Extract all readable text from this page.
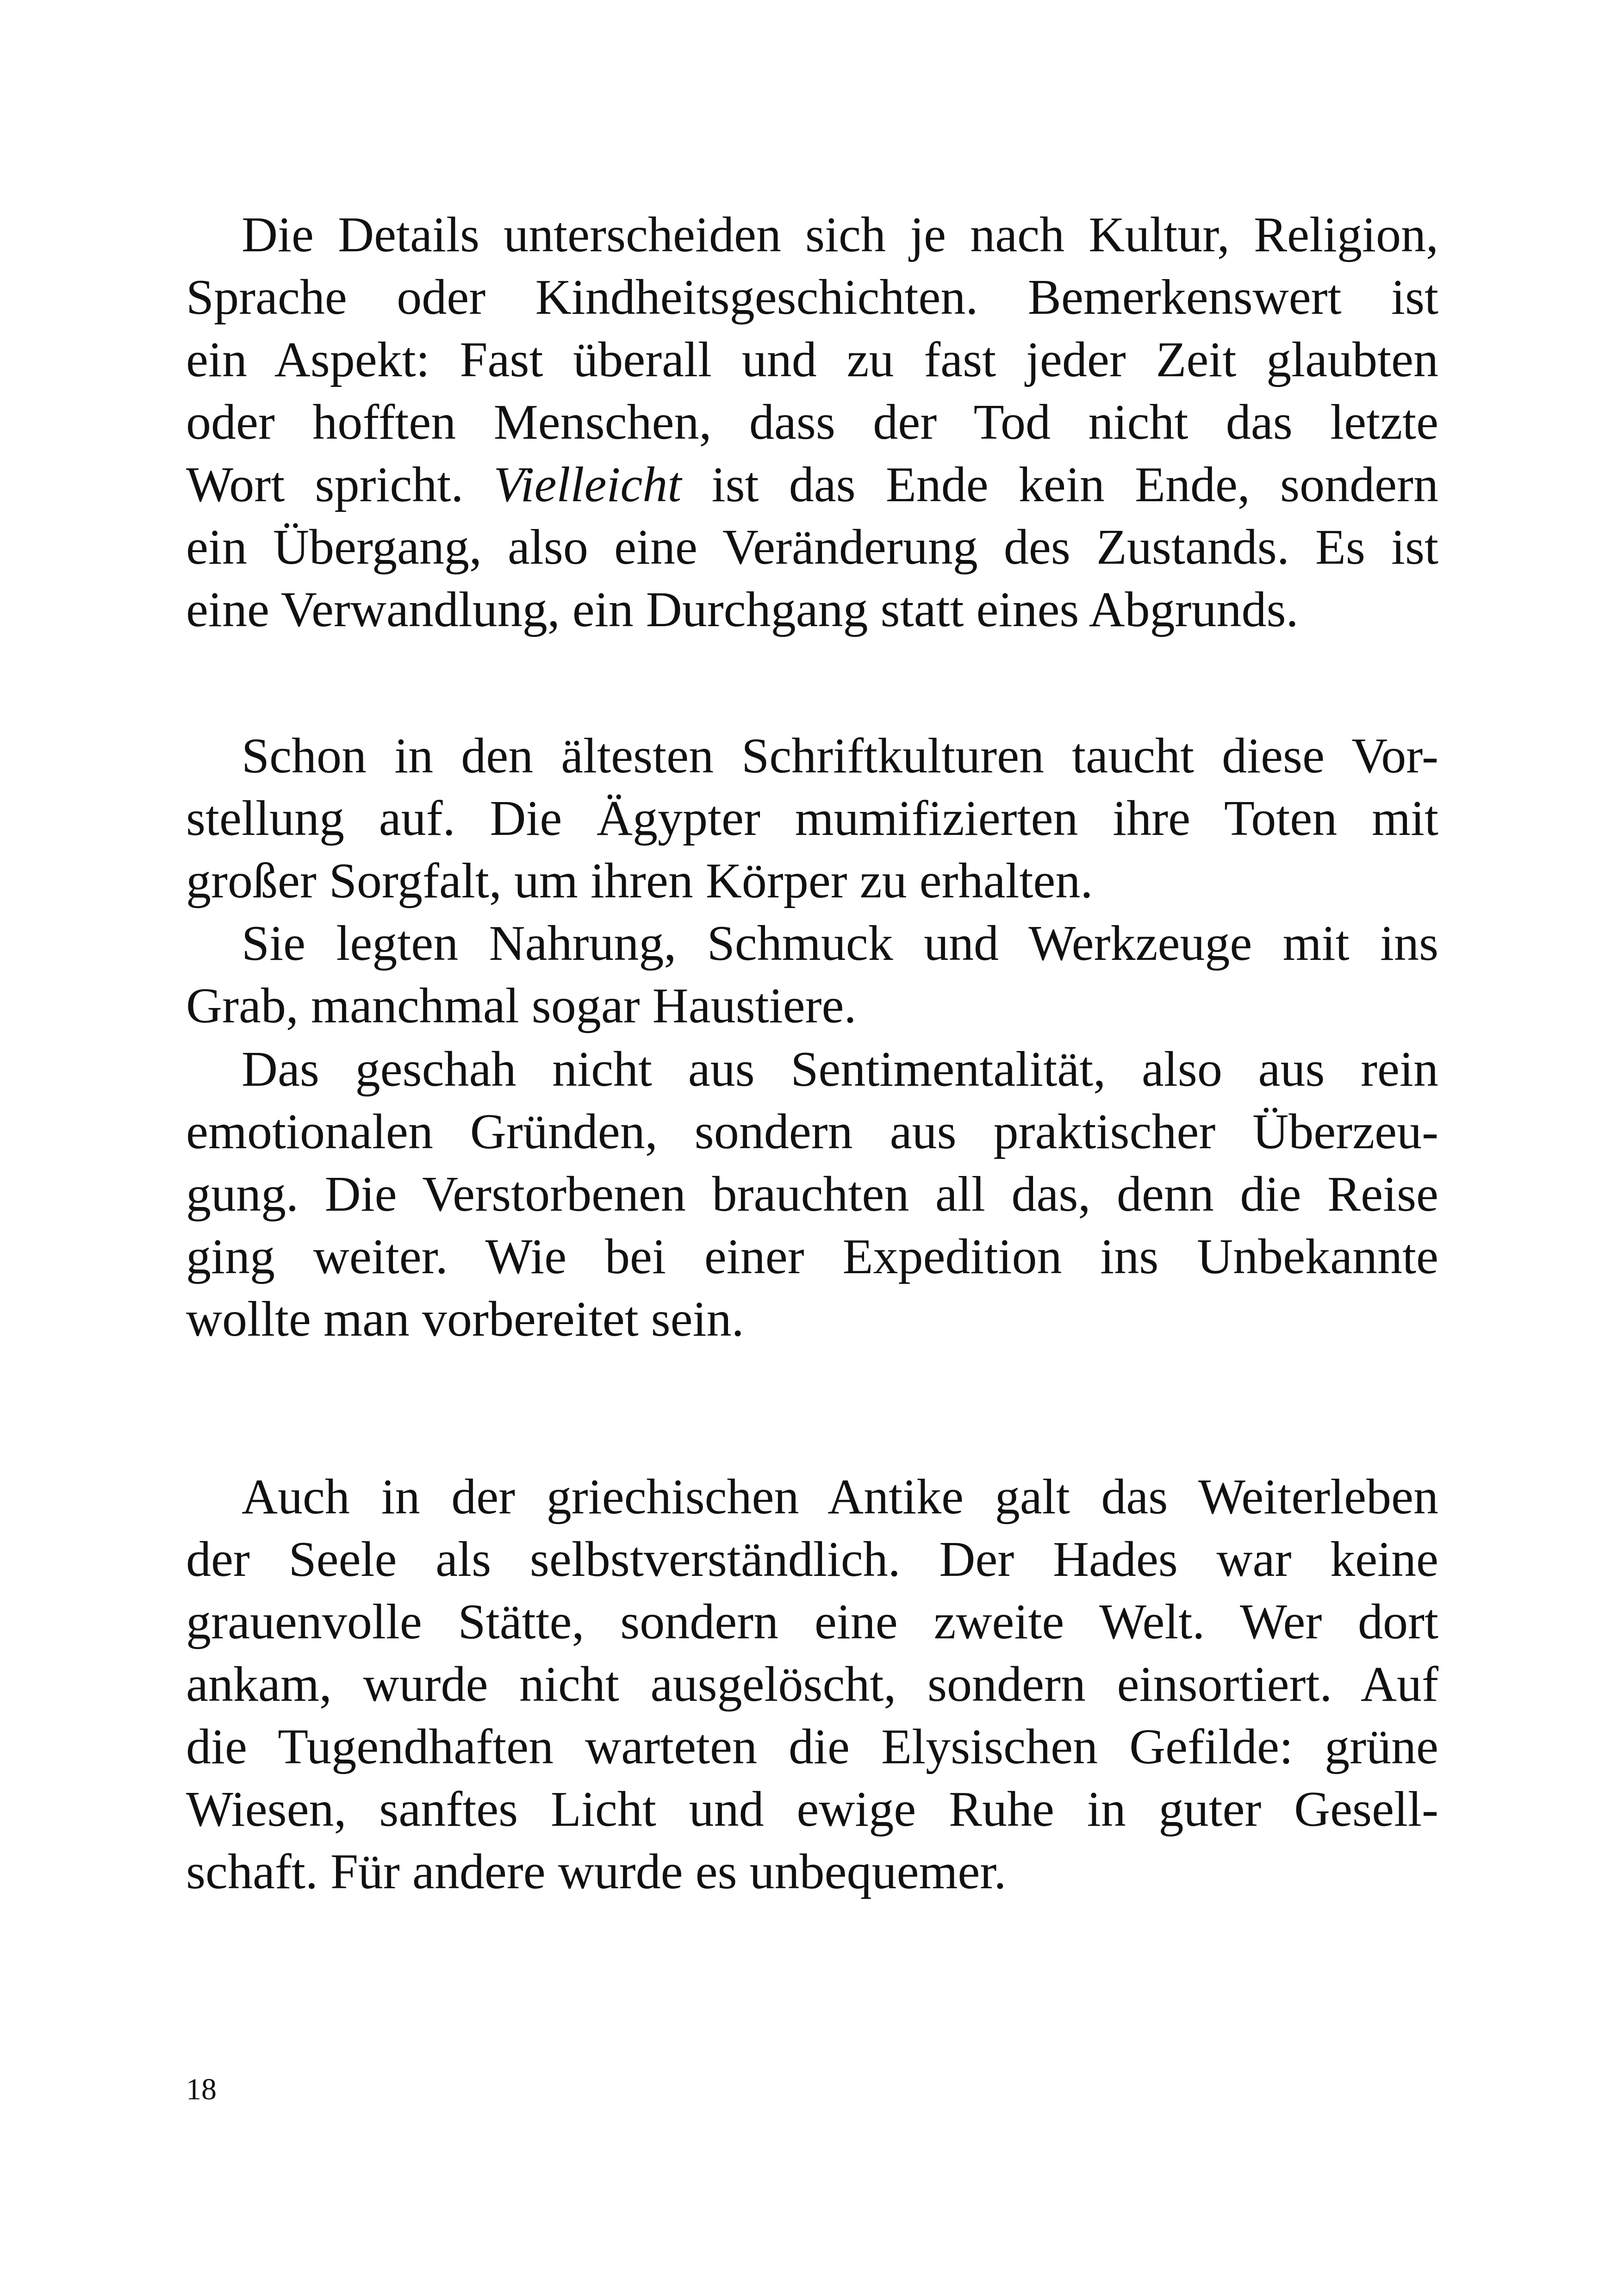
Die Details unterscheiden sich je nach Kultur, Religion,
Sprache oder Kindheitsgeschichten. Bemerkenswert ist
ein Aspekt: Fast überall und zu fast jeder Zeit glaubten
oder hofften Menschen, dass der Tod nicht das letzte
Wort spricht. Vielleicht ist das Ende kein Ende, sondern
ein Übergang, also eine Veränderung des Zustands. Es ist
eine Verwandlung, ein Durchgang statt eines Abgrunds.
Schon in den ältesten Schriftkulturen taucht diese Vor-
stellung auf. Die Ägypter mumifizierten ihre Toten mit
großer Sorgfalt, um ihren Körper zu erhalten.
Sie legten Nahrung, Schmuck und Werkzeuge mit ins
Grab, manchmal sogar Haustiere.
Das geschah nicht aus Sentimentalität, also aus rein
emotionalen Gründen, sondern aus praktischer Überzeu-
gung. Die Verstorbenen brauchten all das, denn die Reise
ging weiter. Wie bei einer Expedition ins Unbekannte
wollte man vorbereitet sein.
Auch in der griechischen Antike galt das Weiterleben
der Seele als selbstverständlich. Der Hades war keine
grauenvolle Stätte, sondern eine zweite Welt. Wer dort
ankam, wurde nicht ausgelöscht, sondern einsortiert. Auf
die Tugendhaften warteten die Elysischen Gefilde: grüne
Wiesen, sanftes Licht und ewige Ruhe in guter Gesell-
schaft. Für andere wurde es unbequemer.
18
